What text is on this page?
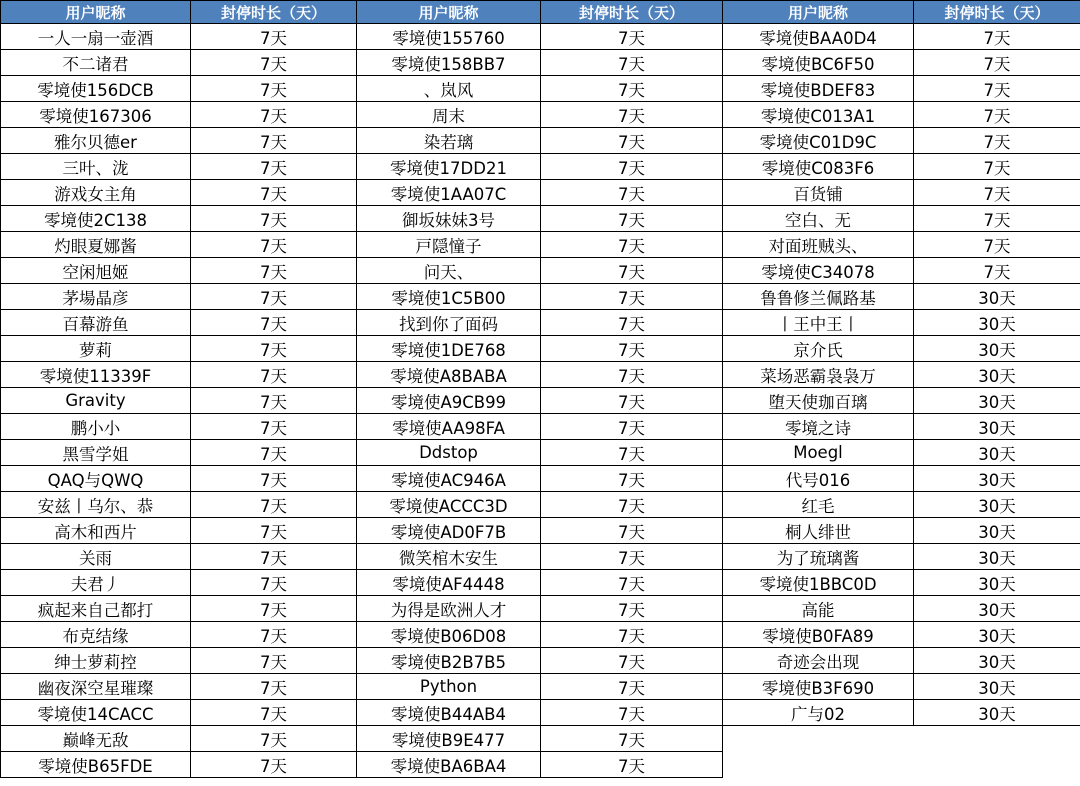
用户昵称	封停时长（天）	用户昵称	封停时长（天）	用户昵称	封停时长（天）
一人一扇一壶酒	7天	零境使155760	7天	零境使BAA0D4	7天
不二诸君	7天	零境使158BB7	7天	零境使BC6F50	7天
零境使156DCB	7天	、岚风	7天	零境使BDEF83	7天
零境使167306	7天	周末	7天	零境使C013A1	7天
雅尔贝德er	7天	染若璃	7天	零境使C01D9C	7天
三叶、泷	7天	零境使17DD21	7天	零境使C083F6	7天
游戏女主角	7天	零境使1AA07C	7天	百货铺	7天
零境使2C138	7天	御坂妹妹3号	7天	空白、无	7天
灼眼夏娜酱	7天	戸隠憧子	7天	对面班贼头、	7天
空闲旭姬	7天	问天、	7天	零境使C34078	7天
茅場晶彦	7天	零境使1C5B00	7天	鲁鲁修兰佩路基	30天
百幕游鱼	7天	找到你了面码	7天	丨王中王丨	30天
萝莉	7天	零境使1DE768	7天	京介氏	30天
零境使11339F	7天	零境使A8BABA	7天	菜场恶霸袅袅万	30天
Gravity	7天	零境使A9CB99	7天	堕天使珈百璃	30天
鹏小小	7天	零境使AA98FA	7天	零境之诗	30天
黑雪学姐	7天	Ddstop	7天	Moegl	30天
QAQ与QWQ	7天	零境使AC946A	7天	代号016	30天
安兹丨乌尔、恭	7天	零境使ACCC3D	7天	红毛	30天
高木和西片	7天	零境使AD0F7B	7天	桐人绯世	30天
关雨	7天	微笑棺木安生	7天	为了琉璃酱	30天
夫君丿	7天	零境使AF4448	7天	零境使1BBC0D	30天
疯起来自己都打	7天	为得是欧洲人才	7天	高能	30天
布克结缘	7天	零境使B06D08	7天	零境使B0FA89	30天
绅士萝莉控	7天	零境使B2B7B5	7天	奇迹会出现	30天
幽夜深空星璀璨	7天	Python	7天	零境使B3F690	30天
零境使14CACC	7天	零境使B44AB4	7天	广与02	30天
巅峰无敌	7天	零境使B9E477	7天		
零境使B65FDE	7天	零境使BA6BA4	7天		
